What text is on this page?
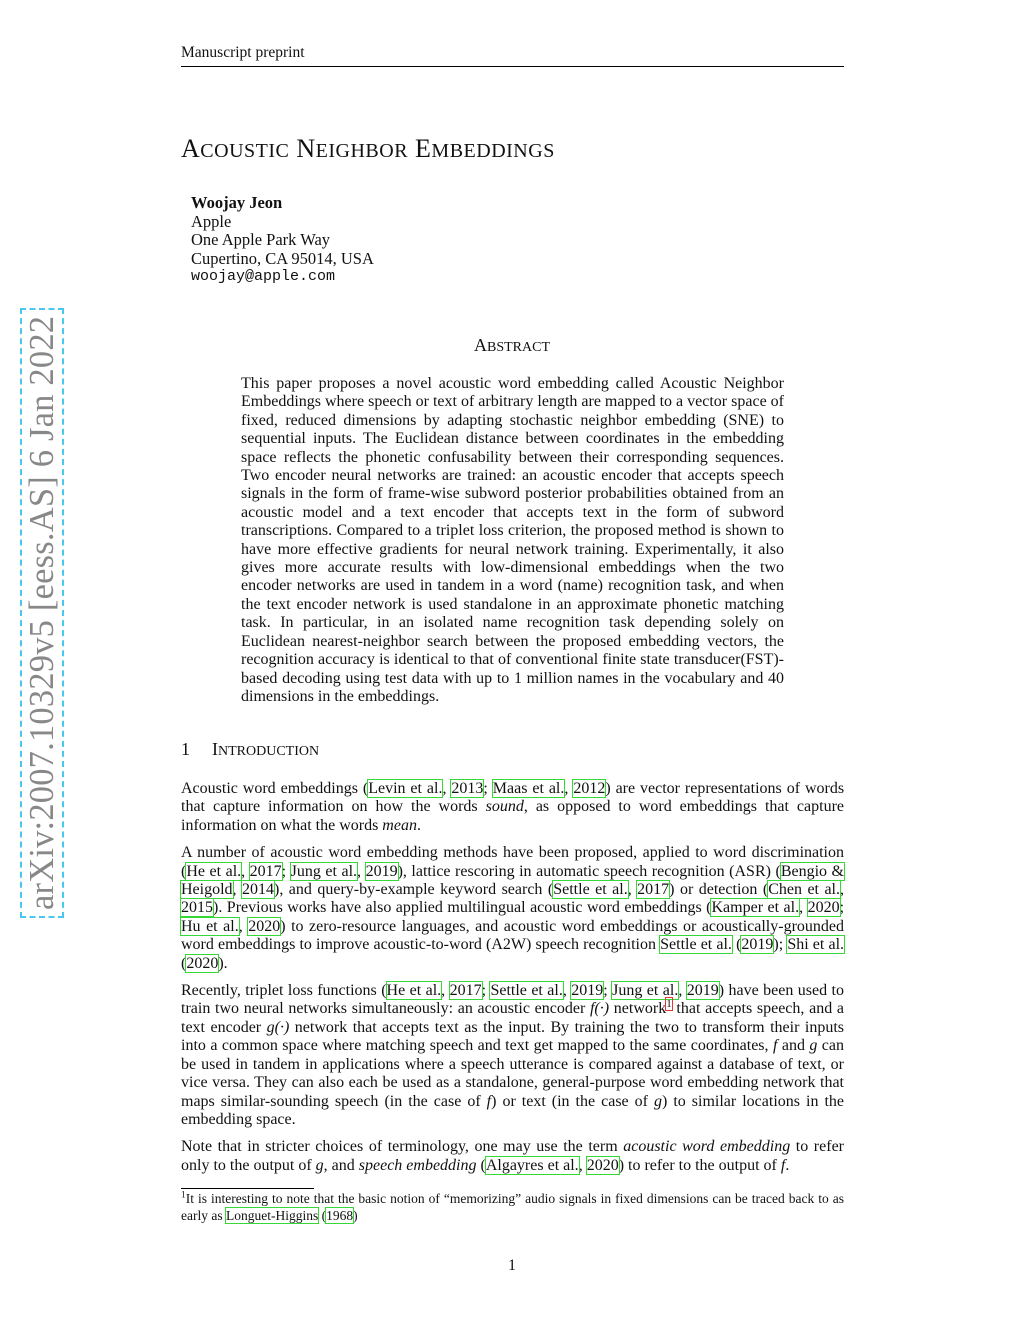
Manuscript preprint
ACOUSTIC NEIGHBOR EMBEDDINGS
Woojay Jeon
Apple
One Apple Park Way
Cupertino, CA 95014, USA
woojay@apple.com
ABSTRACT
This paper proposes a novel acoustic word embedding called Acoustic Neighbor Embeddings where speech or text of arbitrary length are mapped to a vector space of fixed, reduced dimensions by adapting stochastic neighbor embedding (SNE) to sequential inputs. The Euclidean distance between coordinates in the embedding space reflects the phonetic confusability between their corresponding sequences. Two encoder neural networks are trained: an acoustic encoder that accepts speech signals in the form of frame-wise subword posterior probabilities obtained from an acoustic model and a text encoder that accepts text in the form of subword transcriptions. Compared to a triplet loss criterion, the proposed method is shown to have more effective gradients for neural network training. Experimentally, it also gives more accurate results with low-dimensional embeddings when the two encoder networks are used in tandem in a word (name) recognition task, and when the text encoder network is used standalone in an approximate phonetic matching task. In particular, in an isolated name recognition task depending solely on Euclidean nearest-neighbor search between the proposed embedding vectors, the recognition accuracy is identical to that of conventional finite state transducer(FST)-based decoding using test data with up to 1 million names in the vocabulary and 40 dimensions in the embeddings.
1 INTRODUCTION

Acoustic word embeddings (Levin et al., 2013; Maas et al., 2012) are vector representations of words that capture information on how the words sound, as opposed to word embeddings that capture information on what the words mean.

A number of acoustic word embedding methods have been proposed, applied to word discrimination (He et al., 2017; Jung et al., 2019), lattice rescoring in automatic speech recognition (ASR) (Bengio & Heigold, 2014), and query-by-example keyword search (Settle et al., 2017) or detection (Chen et al., 2015). Previous works have also applied multilingual acoustic word embeddings (Kamper et al., 2020; Hu et al., 2020) to zero-resource languages, and acoustic word embeddings or acoustically-grounded word embeddings to improve acoustic-to-word (A2W) speech recognition Settle et al. (2019); Shi et al. (2020).

Recently, triplet loss functions (He et al., 2017; Settle et al., 2019; Jung et al., 2019) have been used to train two neural networks simultaneously: an acoustic encoder f(·) network$^1$ that accepts speech, and a text encoder g(·) network that accepts text as the input. By training the two to transform their inputs into a common space where matching speech and text get mapped to the same coordinates, f and g can be used in tandem in applications where a speech utterance is compared against a database of text, or vice versa. They can also each be used as a standalone, general-purpose word embedding network that maps similar-sounding speech (in the case of f) or text (in the case of g) to similar locations in the embedding space.

Note that in stricter choices of terminology, one may use the term acoustic word embedding to refer only to the output of g, and speech embedding (Algayres et al., 2020) to refer to the output of f.

$^1$It is interesting to note that the basic notion of “memorizing” audio signals in fixed dimensions can be traced back to as early as Longuet-Higgins (1968)
1
arXiv:2007.10329v5 [eess.AS] 6 Jan 2022
